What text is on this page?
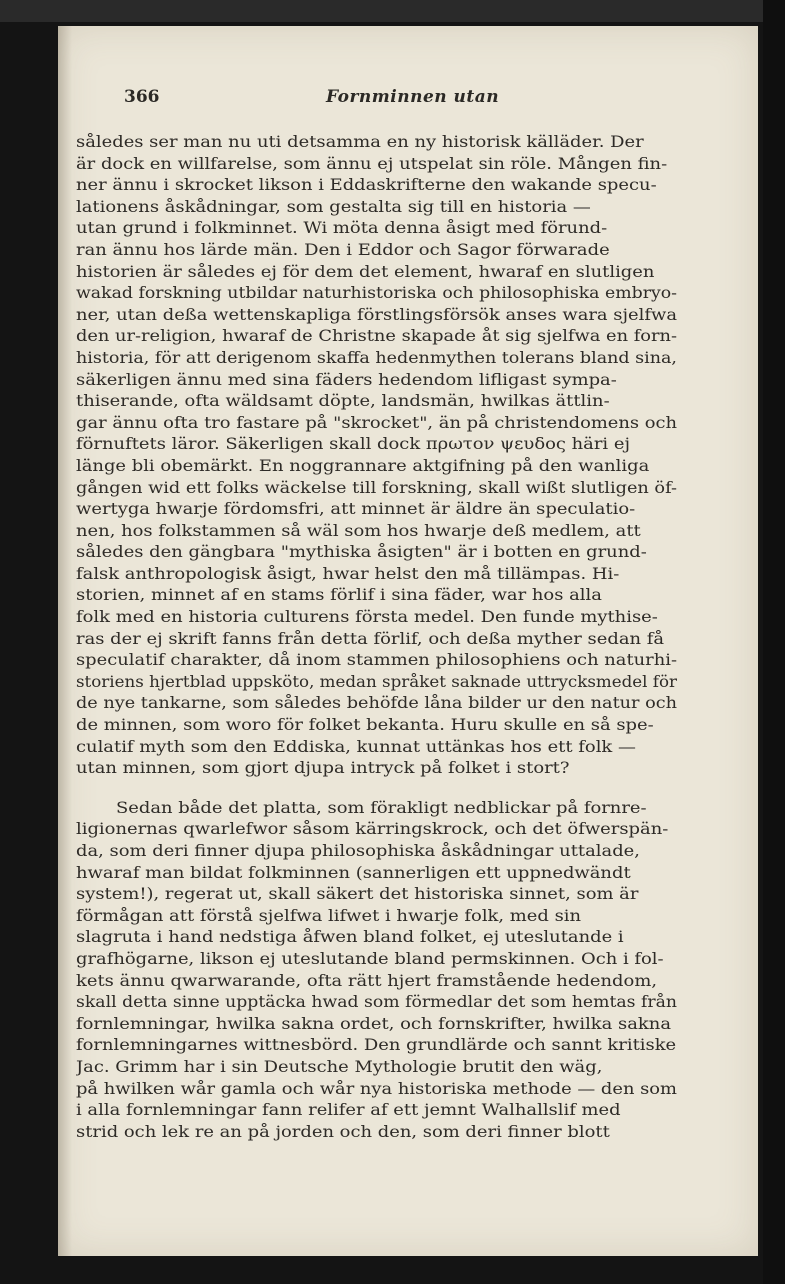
366	Fornminnen utan
således ser man nu uti detsamma en ny historisk källäder. Der
är dock en willfarelse, som ännu ej utspelat sin röle. Mången fin-
ner ännu i skrocket likson i Eddaskrifterne den wakande specu-
lationens åskådningar, som gestalta sig till en historia —
utan grund i folkminnet. Wi möta denna åsigt med förund-
ran ännu hos lärde män. Den i Eddor och Sagor förwarade
historien är således ej för dem det element, hwaraf en slutligen
wakad forskning utbildar naturhistoriska och philosophiska embryo-
ner, utan deßa wettenskapliga förstlingsförsök anses wara sjelfwa
den ur-religion, hwaraf de Christne skapade åt sig sjelfwa en forn-
historia, för att derigenom skaffa hedenmythen tolerans bland sina,
säkerligen ännu med sina fäders hedendom lifligast sympa-
thiserande, ofta wäldsamt döpte, landsmän, hwilkas ättlin-
gar ännu ofta tro fastare på "skrocket", än på christendomens och
förnuftets läror. Säkerligen skall dock πρωτον ψευδος häri ej
länge bli obemärkt. En noggrannare aktgifning på den wanliga
gången wid ett folks wäckelse till forskning, skall wißt slutligen öf-
wertyga hwarje fördomsfri, att minnet är äldre än speculatio-
nen, hos folkstammen så wäl som hos hwarje deß medlem, att
således den gängbara "mythiska åsigten" är i botten en grund-
falsk anthropologisk åsigt, hwar helst den må tillämpas. Hi-
storien, minnet af en stams förlif i sina fäder, war hos alla
folk med en historia culturens första medel. Den funde mythise-
ras der ej skrift fanns från detta förlif, och deßa myther sedan få
speculatif charakter, då inom stammen philosophiens och naturhi-
storiens hjertblad uppsköto, medan språket saknade uttrycksmedel för
de nye tankarne, som således behöfde låna bilder ur den natur och
de minnen, som woro för folket bekanta. Huru skulle en så spe-
culatif myth som den Eddiska, kunnat uttänkas hos ett folk —
utan minnen, som gjort djupa intryck på folket i stort?
Sedan både det platta, som förakligt nedblickar på fornre-
ligionernas qwarlefwor såsom kärringskrock, och det öfwerspän-
da, som deri finner djupa philosophiska åskådningar uttalade,
hwaraf man bildat folkminnen (sannerligen ett uppnedwändt
system!), regerat ut, skall säkert det historiska sinnet, som är
förmågan att förstå sjelfwa lifwet i hwarje folk, med sin
slagruta i hand nedstiga åfwen bland folket, ej uteslutande i
grafhögarne, likson ej uteslutande bland permskinnen. Och i fol-
kets ännu qwarwarande, ofta rätt hjert framstående hedendom,
skall detta sinne upptäcka hwad som förmedlar det som hemtas från
fornlemningar, hwilka sakna ordet, och fornskrifter, hwilka sakna
fornlemningarnes wittnesbörd. Den grundlärde och sannt kritiske
Jac. Grimm har i sin Deutsche Mythologie brutit den wäg,
på hwilken wår gamla och wår nya historiska methode — den som
i alla fornlemningar fann relifer af ett jemnt Walhallslif med
strid och lek re an på jorden och den, som deri finner blott
